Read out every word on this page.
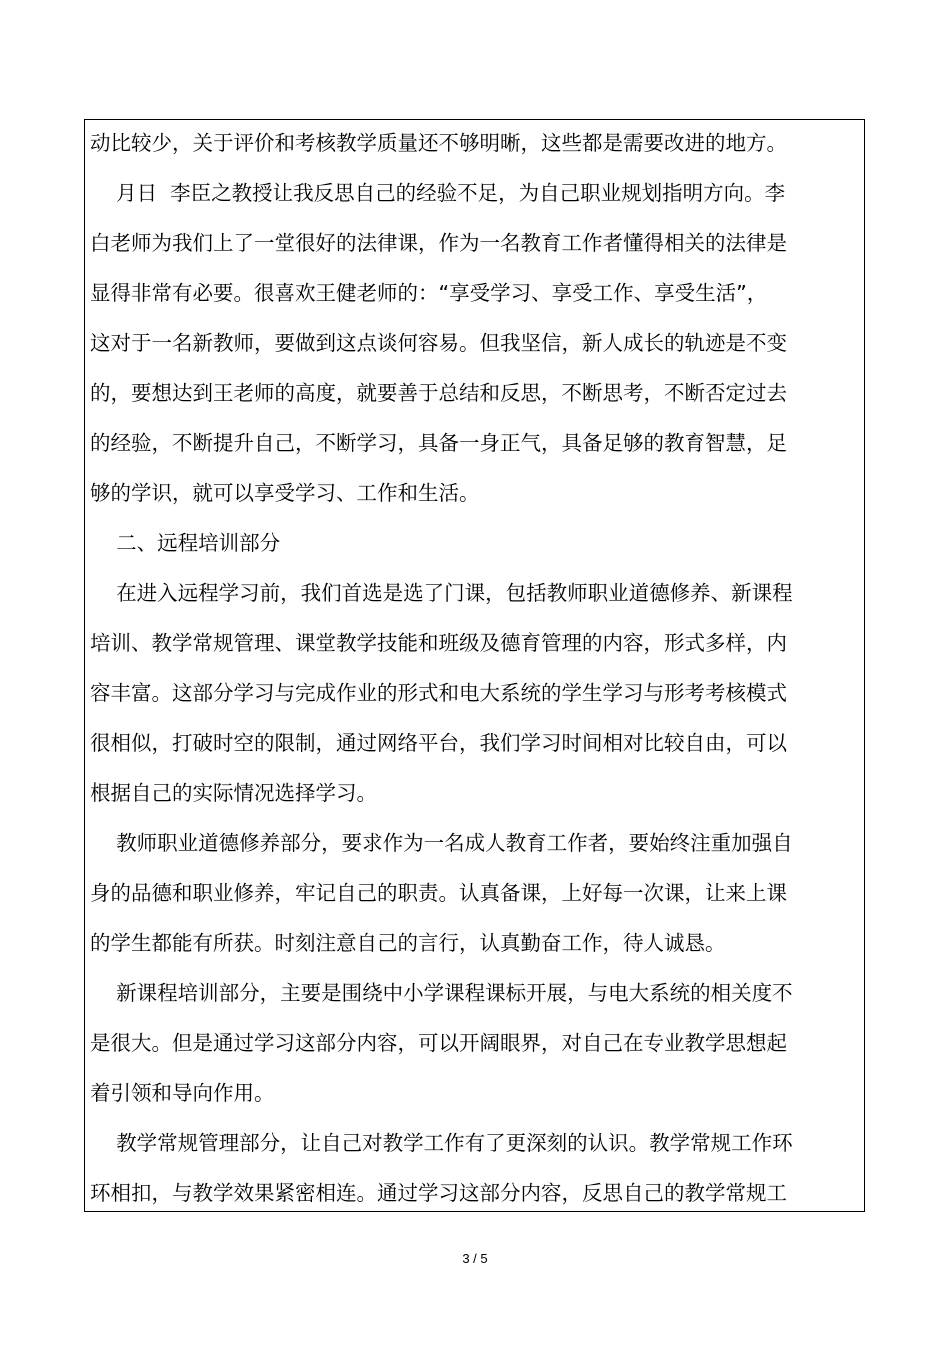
动比较少，关于评价和考核教学质量还不够明晰，这些都是需要改进的地方。
月日  李臣之教授让我反思自己的经验不足，为自己职业规划指明方向。李
白老师为我们上了一堂很好的法律课，作为一名教育工作者懂得相关的法律是
显得非常有必要。很喜欢王健老师的：“享受学习、享受工作、享受生活”，
这对于一名新教师，要做到这点谈何容易。但我坚信，新人成长的轨迹是不变
的，要想达到王老师的高度，就要善于总结和反思，不断思考，不断否定过去
的经验，不断提升自己，不断学习，具备一身正气，具备足够的教育智慧，足
够的学识，就可以享受学习、工作和生活。
二、远程培训部分
在进入远程学习前，我们首选是选了门课，包括教师职业道德修养、新课程
培训、教学常规管理、课堂教学技能和班级及德育管理的内容，形式多样，内
容丰富。这部分学习与完成作业的形式和电大系统的学生学习与形考考核模式
很相似，打破时空的限制，通过网络平台，我们学习时间相对比较自由，可以
根据自己的实际情况选择学习。
教师职业道德修养部分，要求作为一名成人教育工作者，要始终注重加强自
身的品德和职业修养，牢记自己的职责。认真备课，上好每一次课，让来上课
的学生都能有所获。时刻注意自己的言行，认真勤奋工作，待人诚恳。
新课程培训部分，主要是围绕中小学课程课标开展，与电大系统的相关度不
是很大。但是通过学习这部分内容，可以开阔眼界，对自己在专业教学思想起
着引领和导向作用。
教学常规管理部分，让自己对教学工作有了更深刻的认识。教学常规工作环
环相扣，与教学效果紧密相连。通过学习这部分内容，反思自己的教学常规工
3 / 5
